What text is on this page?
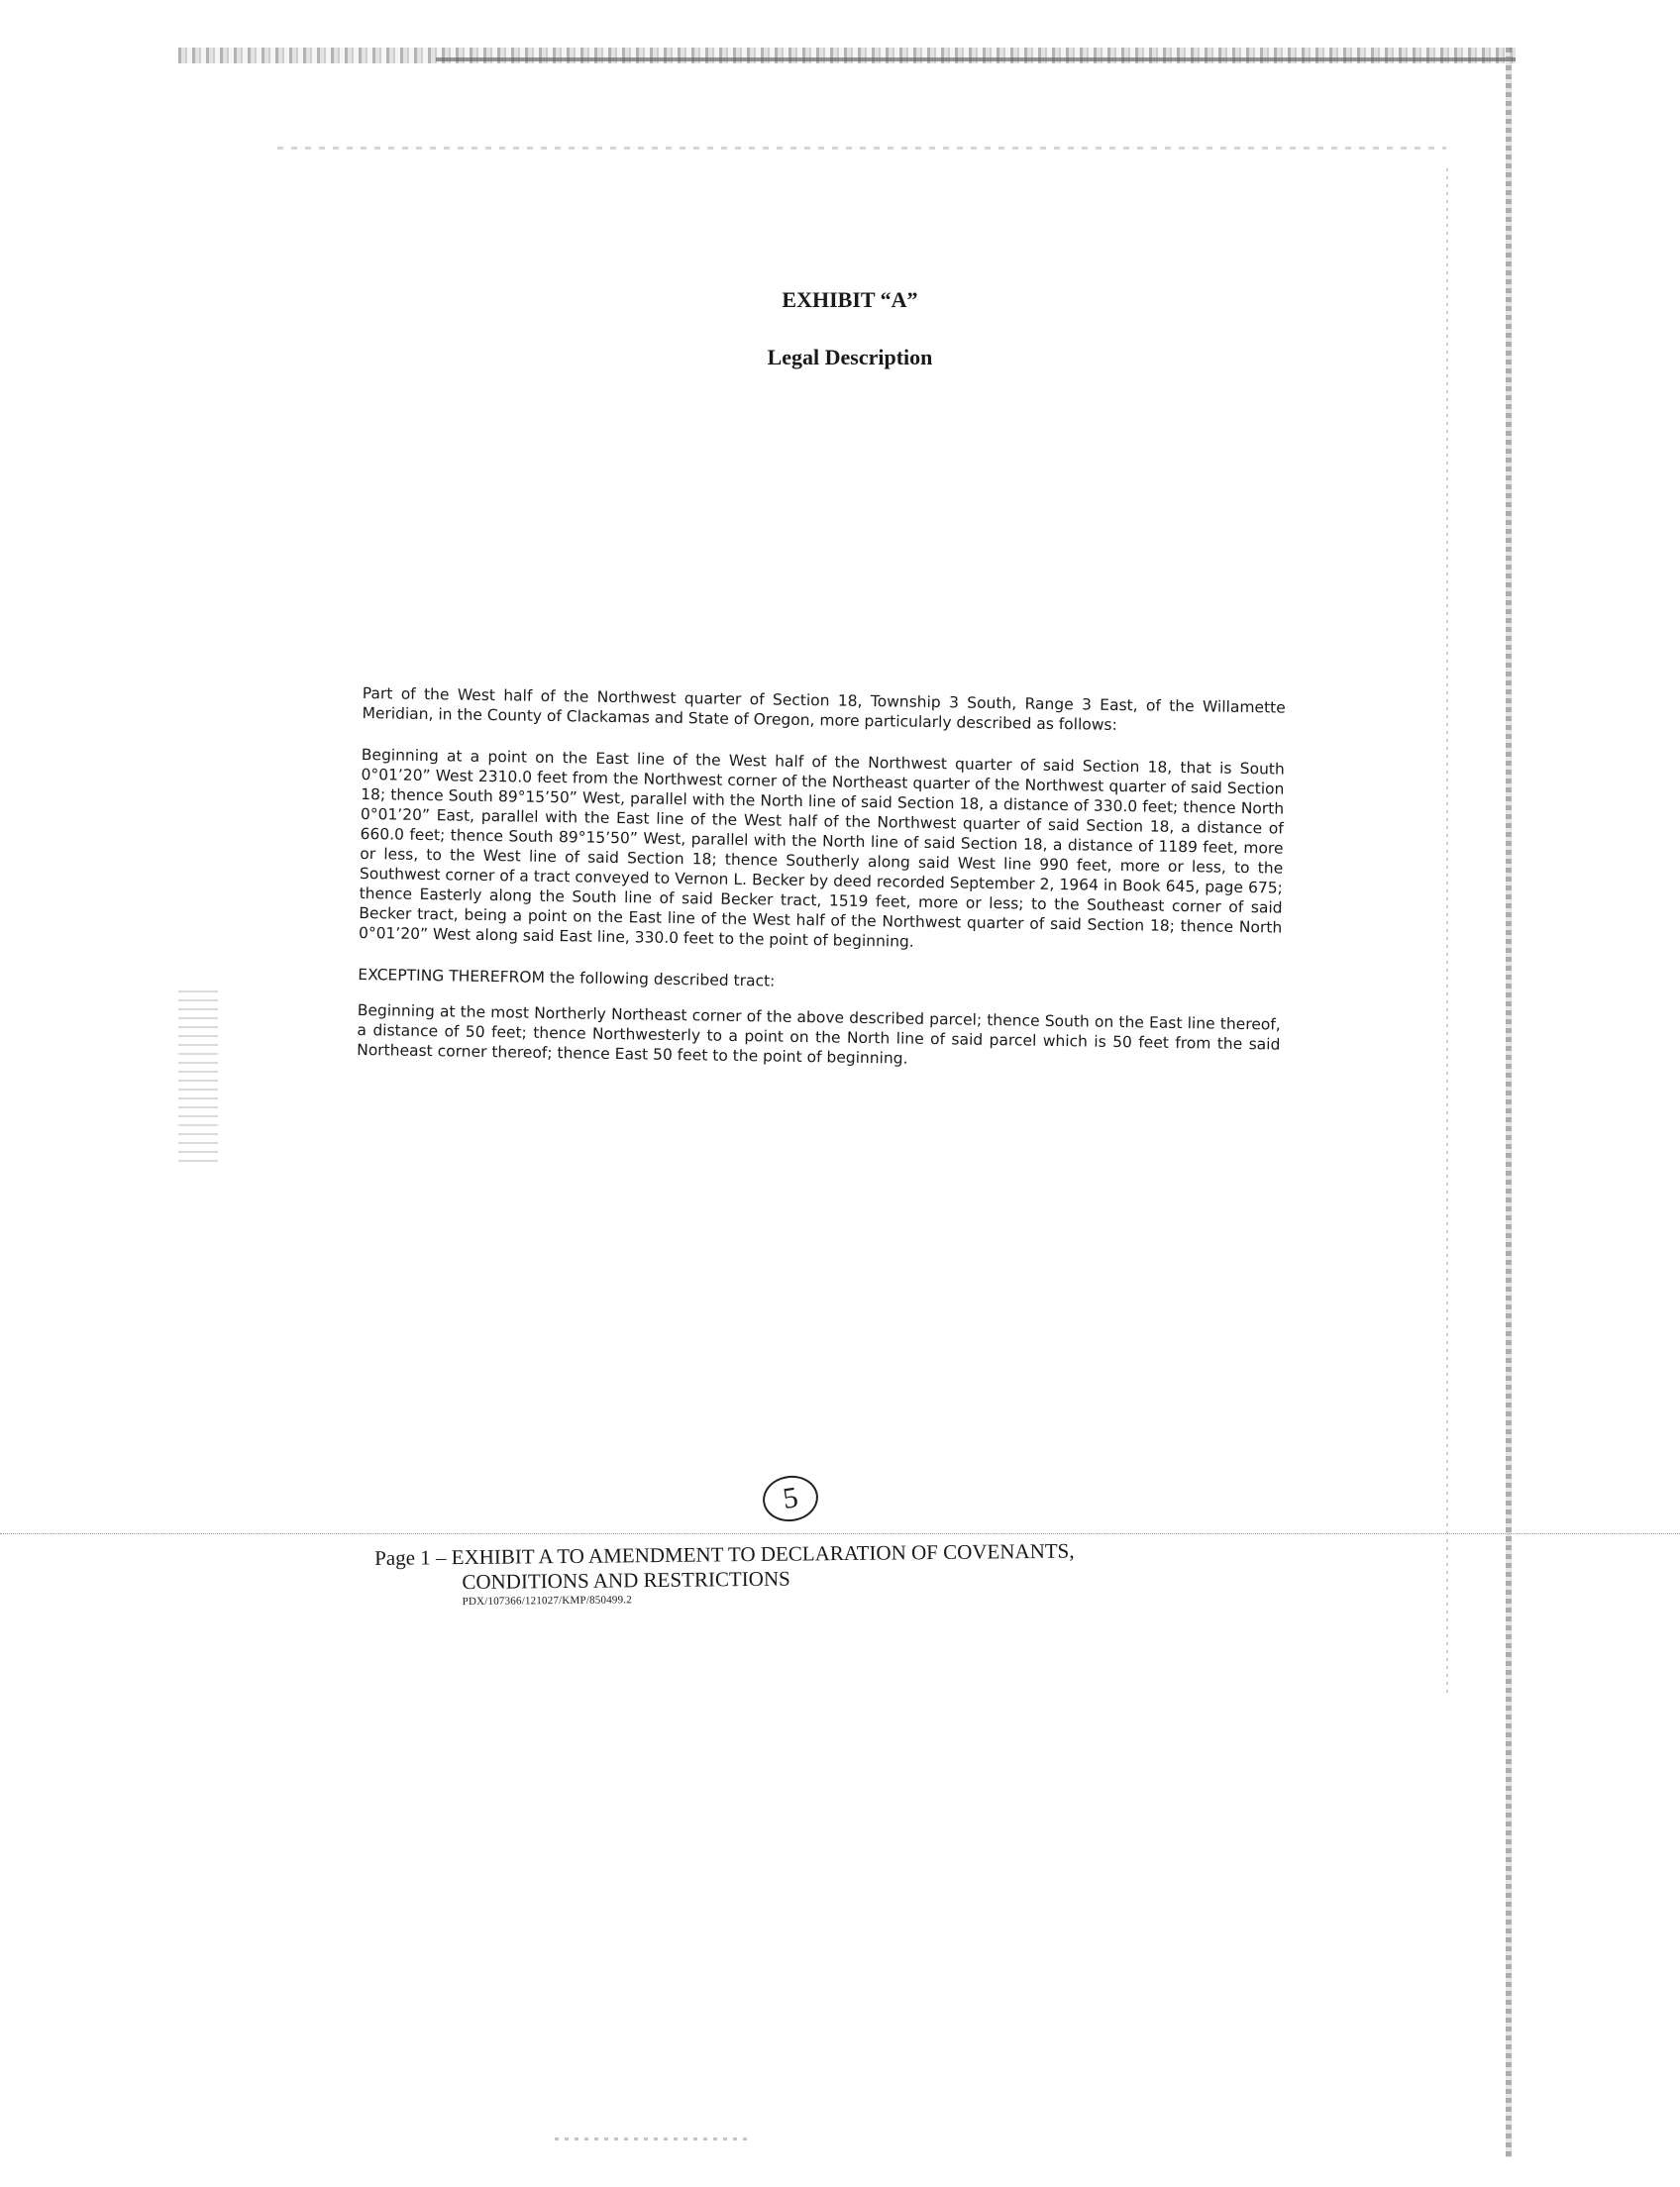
EXHIBIT “A”
Legal Description

Part of the West half of the Northwest quarter of Section 18, Township 3 South, Range 3 East, of the Willamette Meridian, in the County of Clackamas and State of Oregon, more particularly described as follows:

Beginning at a point on the East line of the West half of the Northwest quarter of said Section 18, that is South 0°01’20” West 2310.0 feet from the Northwest corner of the Northeast quarter of the Northwest quarter of said Section 18; thence South 89°15’50” West, parallel with the North line of said Section 18, a distance of 330.0 feet; thence North 0°01’20” East, parallel with the East line of the West half of the Northwest quarter of said Section 18, a distance of 660.0 feet; thence South 89°15’50” West, parallel with the North line of said Section 18, a distance of 1189 feet, more or less, to the West line of said Section 18; thence Southerly along said West line 990 feet, more or less, to the Southwest corner of a tract conveyed to Vernon L. Becker by deed recorded September 2, 1964 in Book 645, page 675; thence Easterly along the South line of said Becker tract, 1519 feet, more or less; to the Southeast corner of said Becker tract, being a point on the East line of the West half of the Northwest quarter of said Section 18; thence North 0°01’20” West along said East line, 330.0 feet to the point of beginning.

EXCEPTING THEREFROM the following described tract:

Beginning at the most Northerly Northeast corner of the above described parcel; thence South on the East line thereof, a distance of 50 feet; thence Northwesterly to a point on the North line of said parcel which is 50 feet from the said Northeast corner thereof; thence East 50 feet to the point of beginning.

5
Page 1 – EXHIBIT A TO AMENDMENT TO DECLARATION OF COVENANTS,
CONDITIONS AND RESTRICTIONS
PDX/107366/121027/KMP/850499.2
